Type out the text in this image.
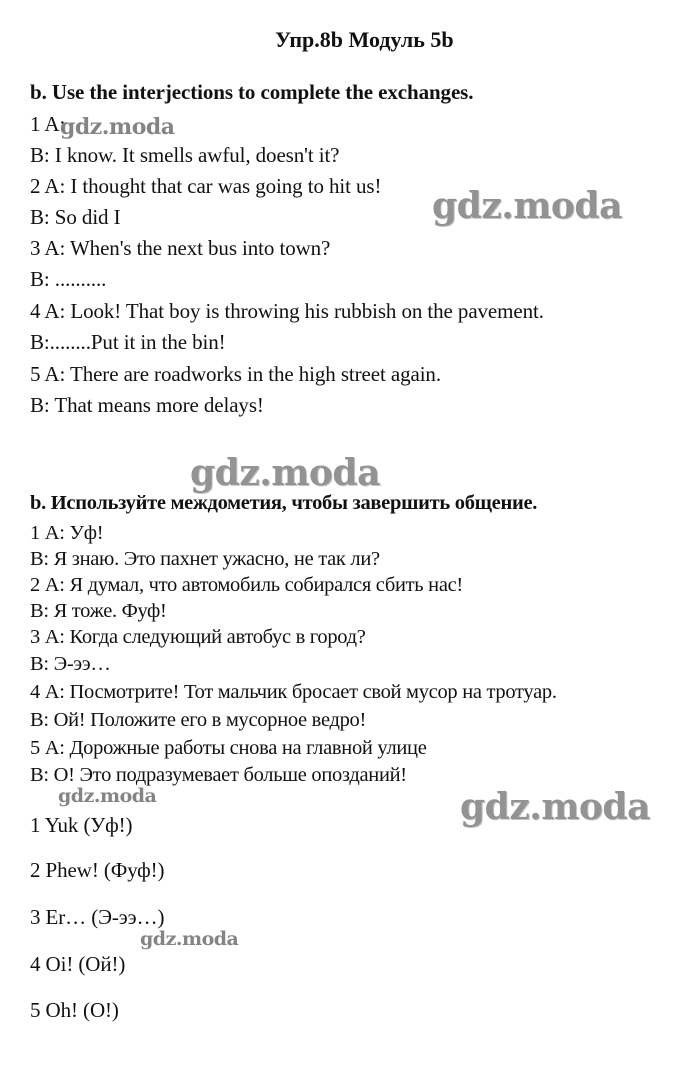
Упр.8b Модуль 5b
b. Use the interjections to complete the exchanges.
1 A:
B: I know. It smells awful, doesn't it?
2 A: I thought that car was going to hit us!
B: So did I
3 A: When's the next bus into town?
B: ..........
4 A: Look! That boy is throwing his rubbish on the pavement.
B:........Put it in the bin!
5 A: There are roadworks in the high street again.
B: That means more delays!
b. Используйте междометия, чтобы завершить общение.
1 А: Уф!
В: Я знаю. Это пахнет ужасно, не так ли?
2 А: Я думал, что автомобиль собирался сбить нас!
В: Я тоже. Фуф!
3 А: Когда следующий автобус в город?
В: Э-ээ…
4 А: Посмотрите! Тот мальчик бросает свой мусор на тротуар.
В: Ой! Положите его в мусорное ведро!
5 А: Дорожные работы снова на главной улице
В: О! Это подразумевает больше опозданий!
1 Yuk (Уф!)
2 Phew! (Фуф!)
3 Er… (Э-ээ…)
4 Oi! (Ой!)
5 Oh! (О!)
gdz.moda
gdz.moda
gdz.moda
gdz.moda	gdz.moda
gdz.moda
